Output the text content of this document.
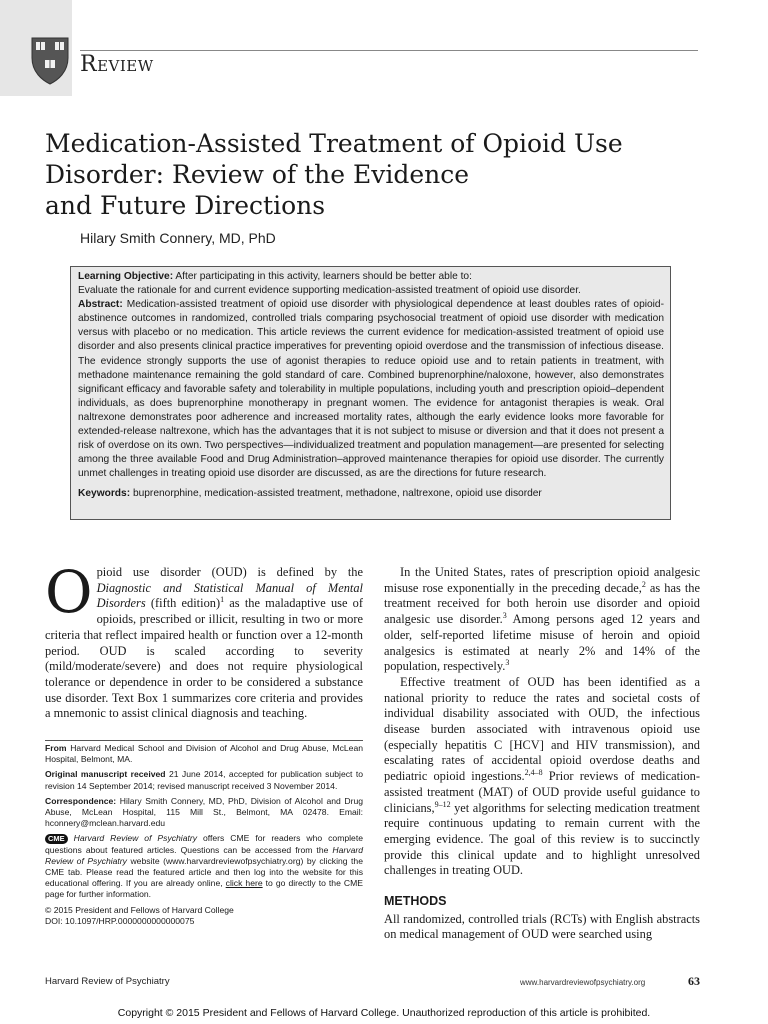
Review
Medication-Assisted Treatment of Opioid Use
Disorder: Review of the Evidence
and Future Directions
Hilary Smith Connery, MD, PhD

Learning Objective: After participating in this activity, learners should be better able to:

Evaluate the rationale for and current evidence supporting medication-assisted treatment of opioid use disorder.

Abstract: Medication-assisted treatment of opioid use disorder with physiological dependence at least doubles rates of opioid-abstinence outcomes in randomized, controlled trials comparing psychosocial treatment of opioid use disorder with medication versus with placebo or no medication. This article reviews the current evidence for medication-assisted treatment of opioid use disorder and also presents clinical practice imperatives for preventing opioid overdose and the transmission of infectious disease. The evidence strongly supports the use of agonist therapies to reduce opioid use and to retain patients in treatment, with methadone maintenance remaining the gold standard of care. Combined buprenorphine/naloxone, however, also demonstrates significant efficacy and favorable safety and tolerability in multiple populations, including youth and prescription opioid–dependent individuals, as does buprenorphine monotherapy in pregnant women. The evidence for antagonist therapies is weak. Oral naltrexone demonstrates poor adherence and increased mortality rates, although the early evidence looks more favorable for extended-release naltrexone, which has the advantages that it is not subject to misuse or diversion and that it does not present a risk of overdose on its own. Two perspectives—individualized treatment and population management—are presented for selecting among the three available Food and Drug Administration–approved maintenance therapies for opioid use disorder. The currently unmet challenges in treating opioid use disorder are discussed, as are the directions for future research.

Keywords: buprenorphine, medication-assisted treatment, methadone, naltrexone, opioid use disorder

Opioid use disorder (OUD) is defined by the Diagnostic and Statistical Manual of Mental Disorders (fifth edition)$^1$ as the maladaptive use of opioids, prescribed or illicit, resulting in two or more criteria that reflect impaired health or function over a 12-month period. OUD is scaled according to severity (mild/moderate/severe) and does not require physiological tolerance or dependence in order to be considered a substance use disorder. Text Box 1 summarizes core criteria and provides a mnemonic to assist clinical diagnosis and teaching.

From Harvard Medical School and Division of Alcohol and Drug Abuse, McLean Hospital, Belmont, MA.

Original manuscript received 21 June 2014, accepted for publication subject to revision 14 September 2014; revised manuscript received 3 November 2014.

Correspondence: Hilary Smith Connery, MD, PhD, Division of Alcohol and Drug Abuse, McLean Hospital, 115 Mill St., Belmont, MA 02478. Email: hconnery@mclean.harvard.edu

CME Harvard Review of Psychiatry offers CME for readers who complete questions about featured articles. Questions can be accessed from the Harvard Review of Psychiatry website (www.harvardreviewofpsychiatry.org) by clicking the CME tab. Please read the featured article and then log into the website for this educational offering. If you are already online, click here to go directly to the CME page for further information.

© 2015 President and Fellows of Harvard College

DOI: 10.1097/HRP.0000000000000075

In the United States, rates of prescription opioid analgesic misuse rose exponentially in the preceding decade,$^2$ as has the treatment received for both heroin use disorder and opioid analgesic use disorder.$^3$ Among persons aged 12 years and older, self-reported lifetime misuse of heroin and opioid analgesics is estimated at nearly 2% and 14% of the population, respectively.$^3$

Effective treatment of OUD has been identified as a national priority to reduce the rates and societal costs of individual disability associated with OUD, the infectious disease burden associated with intravenous opioid use (especially hepatitis C [HCV] and HIV transmission), and escalating rates of accidental opioid overdose deaths and pediatric opioid ingestions.$^{2,4-8}$ Prior reviews of medication-assisted treatment (MAT) of OUD provide useful guidance to clinicians,$^{9-12}$ yet algorithms for selecting medication treatment require continuous updating to remain current with the emerging evidence. The goal of this review is to succinctly provide this clinical update and to highlight unresolved challenges in treating OUD.

METHODS

All randomized, controlled trials (RCTs) with English abstracts on medical management of OUD were searched using

Harvard Review of Psychiatry	www.harvardreviewofpsychiatry.org	63
Copyright © 2015 President and Fellows of Harvard College. Unauthorized reproduction of this article is prohibited.
